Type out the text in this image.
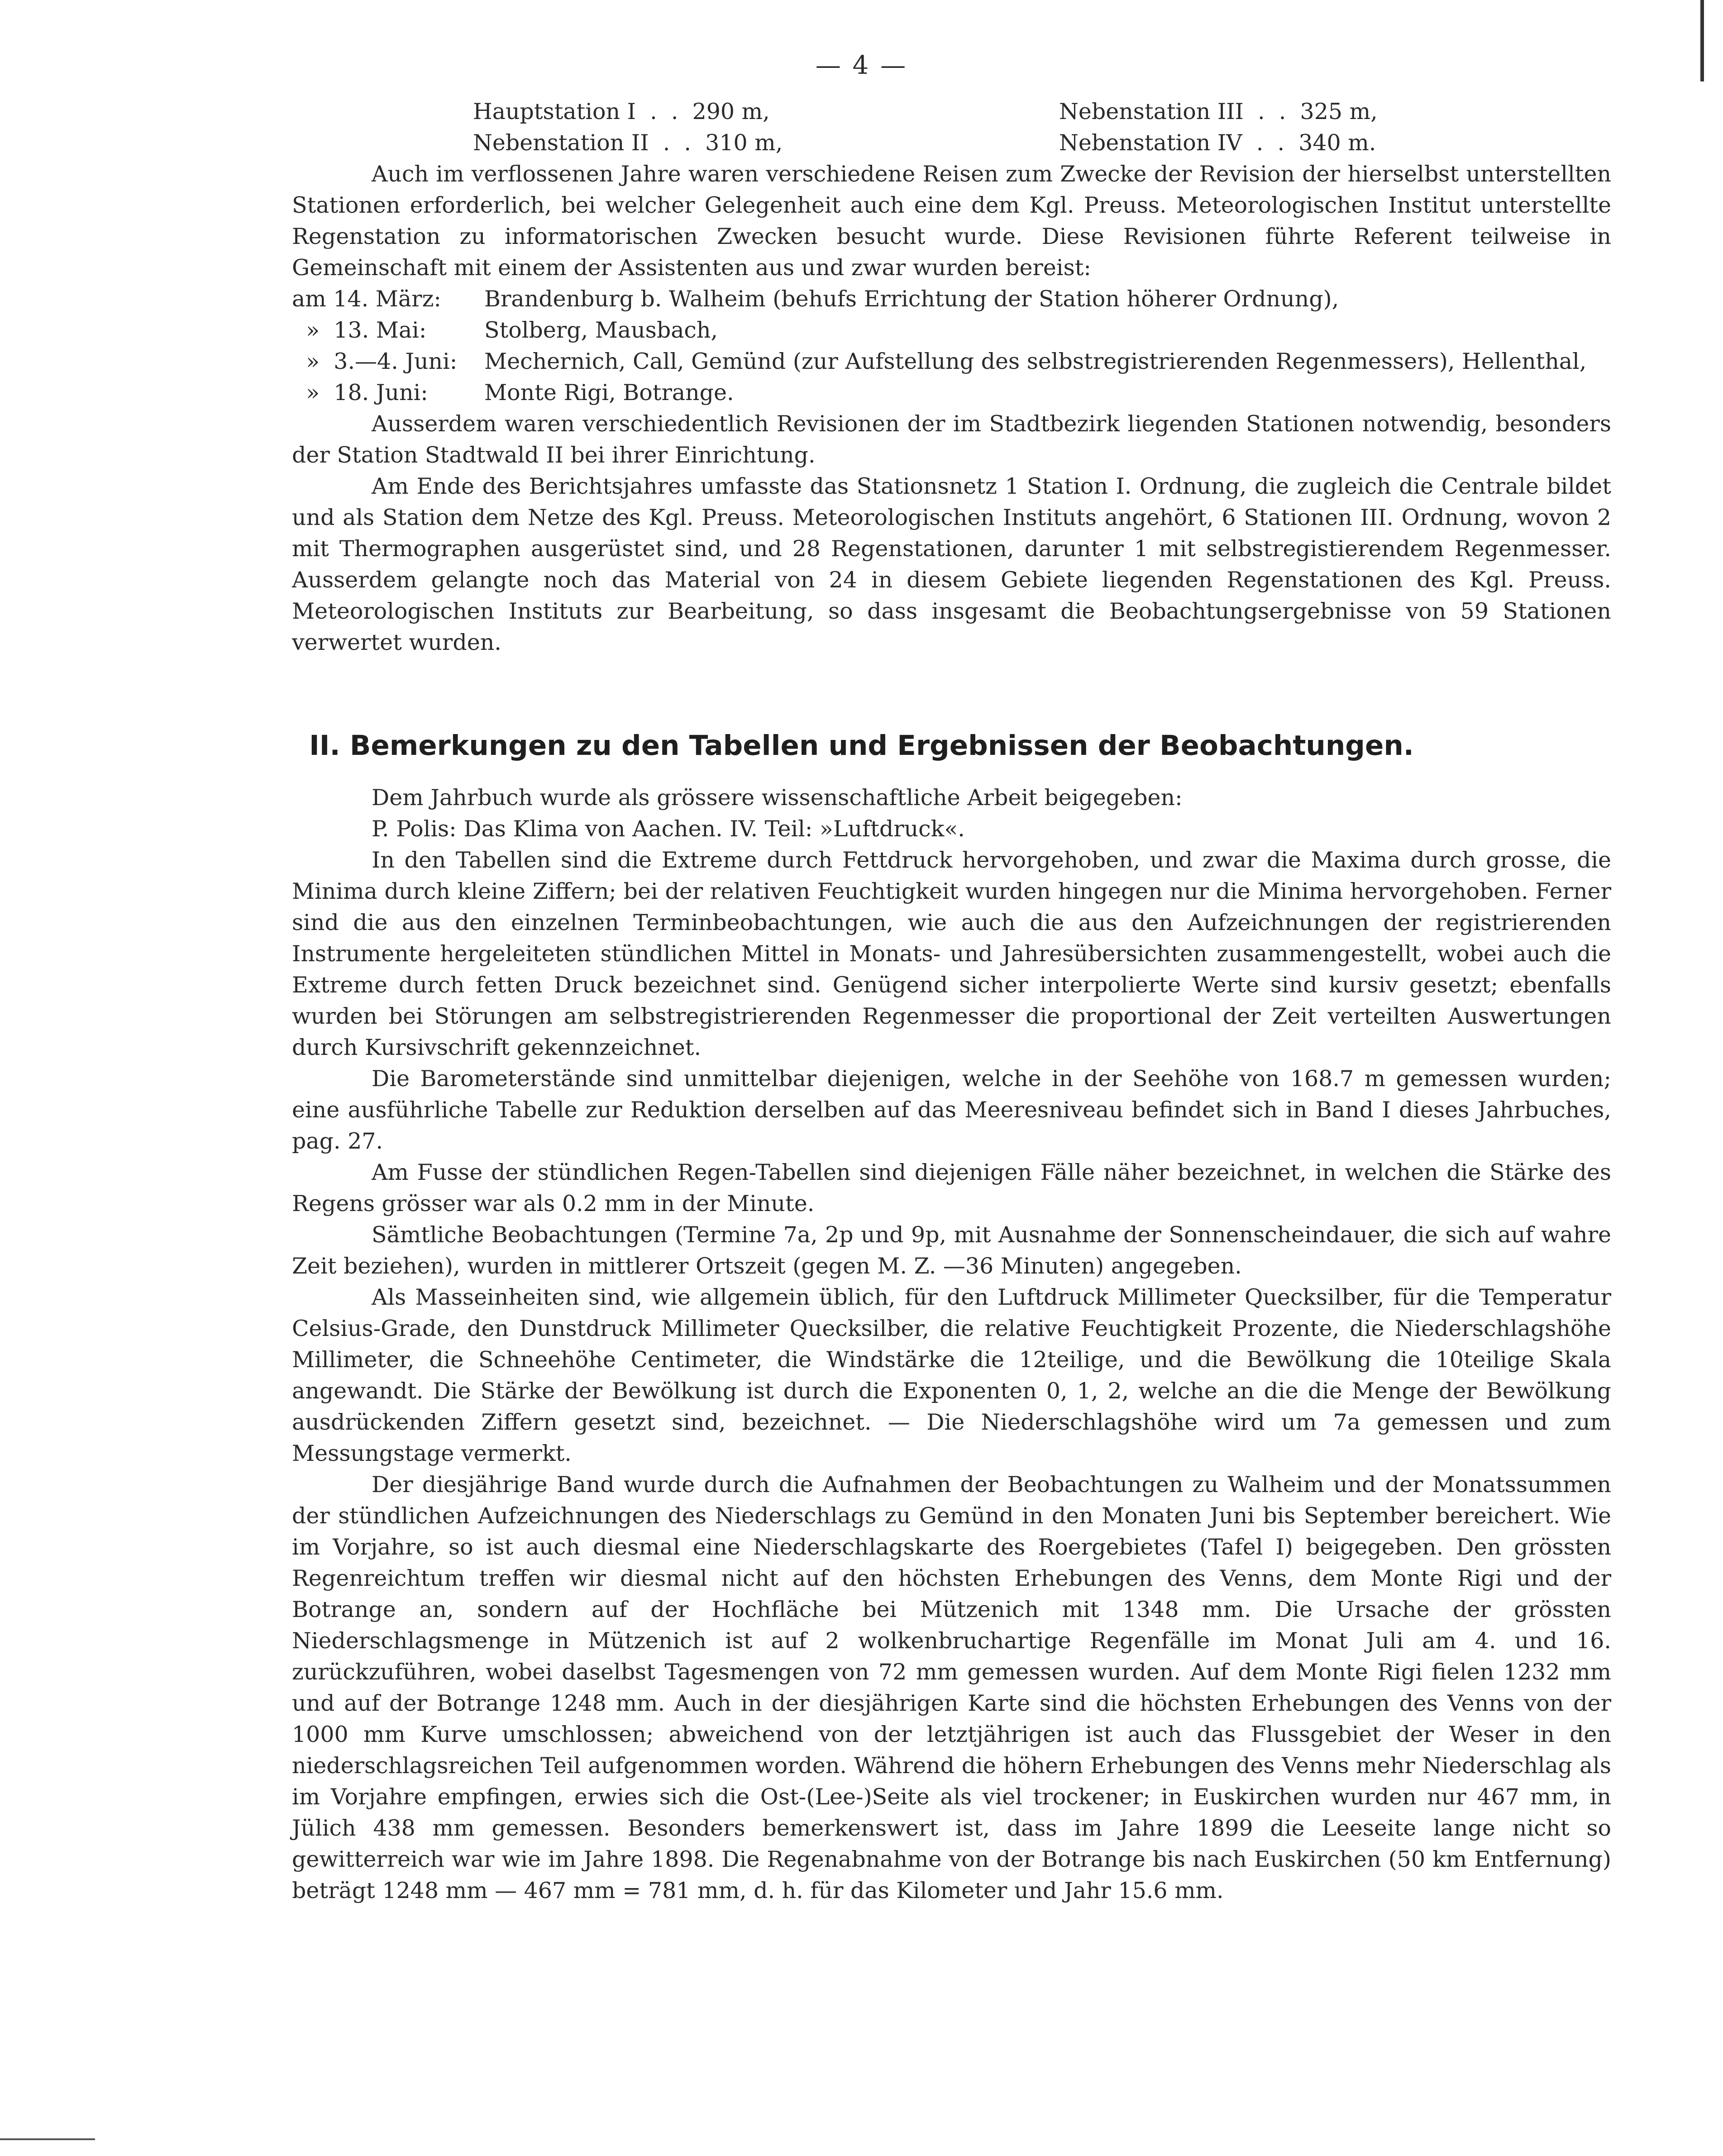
— 4 —
Hauptstation I  .  .  290 m,	Nebenstation III  .  .  325 m,
Nebenstation II  .  .  310 m,	Nebenstation IV  .  .  340 m.

Auch im verflossenen Jahre waren verschiedene Reisen zum Zwecke der Revision der hierselbst unterstellten Stationen erforderlich, bei welcher Gelegenheit auch eine dem Kgl. Preuss. Meteorologischen Institut unterstellte Regenstation zu informatorischen Zwecken besucht wurde. Diese Revisionen führte Referent teilweise in Gemeinschaft mit einem der Assistenten aus und zwar wurden bereist:

am 14. März: Brandenburg b. Walheim (behufs Errichtung der Station höherer Ordnung),
»  13. Mai:	Stolberg, Mausbach,
»  3.—4. Juni: Mechernich, Call, Gemünd (zur Aufstellung des selbstregistrierenden Regenmessers), Hellenthal,
»  18. Juni:	Monte Rigi, Botrange.

Ausserdem waren verschiedentlich Revisionen der im Stadtbezirk liegenden Stationen notwendig, besonders der Station Stadtwald II bei ihrer Einrichtung.

Am Ende des Berichtsjahres umfasste das Stationsnetz 1 Station I. Ordnung, die zugleich die Centrale bildet und als Station dem Netze des Kgl. Preuss. Meteorologischen Instituts angehört, 6 Stationen III. Ordnung, wovon 2 mit Thermographen ausgerüstet sind, und 28 Regenstationen, darunter 1 mit selbstregistierendem Regenmesser. Ausserdem gelangte noch das Material von 24 in diesem Gebiete liegenden Regenstationen des Kgl. Preuss. Meteorologischen Instituts zur Bearbeitung, so dass insgesamt die Beobachtungsergebnisse von 59 Stationen verwertet wurden.

II. Bemerkungen zu den Tabellen und Ergebnissen der Beobachtungen.

Dem Jahrbuch wurde als grössere wissenschaftliche Arbeit beigegeben:

P. Polis: Das Klima von Aachen. IV. Teil: »Luftdruck«.

In den Tabellen sind die Extreme durch Fettdruck hervorgehoben, und zwar die Maxima durch grosse, die Minima durch kleine Ziffern; bei der relativen Feuchtigkeit wurden hingegen nur die Minima hervorgehoben. Ferner sind die aus den einzelnen Terminbeobachtungen, wie auch die aus den Aufzeichnungen der registrierenden Instrumente hergeleiteten stündlichen Mittel in Monats- und Jahresübersichten zusammengestellt, wobei auch die Extreme durch fetten Druck bezeichnet sind. Genügend sicher interpolierte Werte sind kursiv gesetzt; ebenfalls wurden bei Störungen am selbstregistrierenden Regenmesser die proportional der Zeit verteilten Auswertungen durch Kursivschrift gekennzeichnet.

Die Barometerstände sind unmittelbar diejenigen, welche in der Seehöhe von 168.7 m gemessen wurden; eine ausführliche Tabelle zur Reduktion derselben auf das Meeresniveau befindet sich in Band I dieses Jahrbuches, pag. 27.

Am Fusse der stündlichen Regen-Tabellen sind diejenigen Fälle näher bezeichnet, in welchen die Stärke des Regens grösser war als 0.2 mm in der Minute.

Sämtliche Beobachtungen (Termine 7a, 2p und 9p, mit Ausnahme der Sonnenscheindauer, die sich auf wahre Zeit beziehen), wurden in mittlerer Ortszeit (gegen M. Z. —36 Minuten) angegeben.

Als Masseinheiten sind, wie allgemein üblich, für den Luftdruck Millimeter Quecksilber, für die Temperatur Celsius-Grade, den Dunstdruck Millimeter Quecksilber, die relative Feuchtigkeit Prozente, die Niederschlagshöhe Millimeter, die Schneehöhe Centimeter, die Windstärke die 12teilige, und die Bewölkung die 10teilige Skala angewandt. Die Stärke der Bewölkung ist durch die Exponenten 0, 1, 2, welche an die die Menge der Bewölkung ausdrückenden Ziffern gesetzt sind, bezeichnet. — Die Niederschlagshöhe wird um 7a gemessen und zum Messungstage vermerkt.

Der diesjährige Band wurde durch die Aufnahmen der Beobachtungen zu Walheim und der Monatssummen der stündlichen Aufzeichnungen des Niederschlags zu Gemünd in den Monaten Juni bis September bereichert. Wie im Vorjahre, so ist auch diesmal eine Niederschlagskarte des Roergebietes (Tafel I) beigegeben. Den grössten Regenreichtum treffen wir diesmal nicht auf den höchsten Erhebungen des Venns, dem Monte Rigi und der Botrange an, sondern auf der Hochfläche bei Mützenich mit 1348 mm. Die Ursache der grössten Niederschlagsmenge in Mützenich ist auf 2 wolkenbruchartige Regenfälle im Monat Juli am 4. und 16. zurückzuführen, wobei daselbst Tagesmengen von 72 mm gemessen wurden. Auf dem Monte Rigi fielen 1232 mm und auf der Botrange 1248 mm. Auch in der diesjährigen Karte sind die höchsten Erhebungen des Venns von der 1000 mm Kurve umschlossen; abweichend von der letztjährigen ist auch das Flussgebiet der Weser in den niederschlagsreichen Teil aufgenommen worden. Während die höhern Erhebungen des Venns mehr Niederschlag als im Vorjahre empfingen, erwies sich die Ost-(Lee-)Seite als viel trockener; in Euskirchen wurden nur 467 mm, in Jülich 438 mm gemessen. Besonders bemerkenswert ist, dass im Jahre 1899 die Leeseite lange nicht so gewitterreich war wie im Jahre 1898. Die Regenabnahme von der Botrange bis nach Euskirchen (50 km Entfernung) beträgt 1248 mm — 467 mm = 781 mm, d. h. für das Kilometer und Jahr 15.6 mm.
